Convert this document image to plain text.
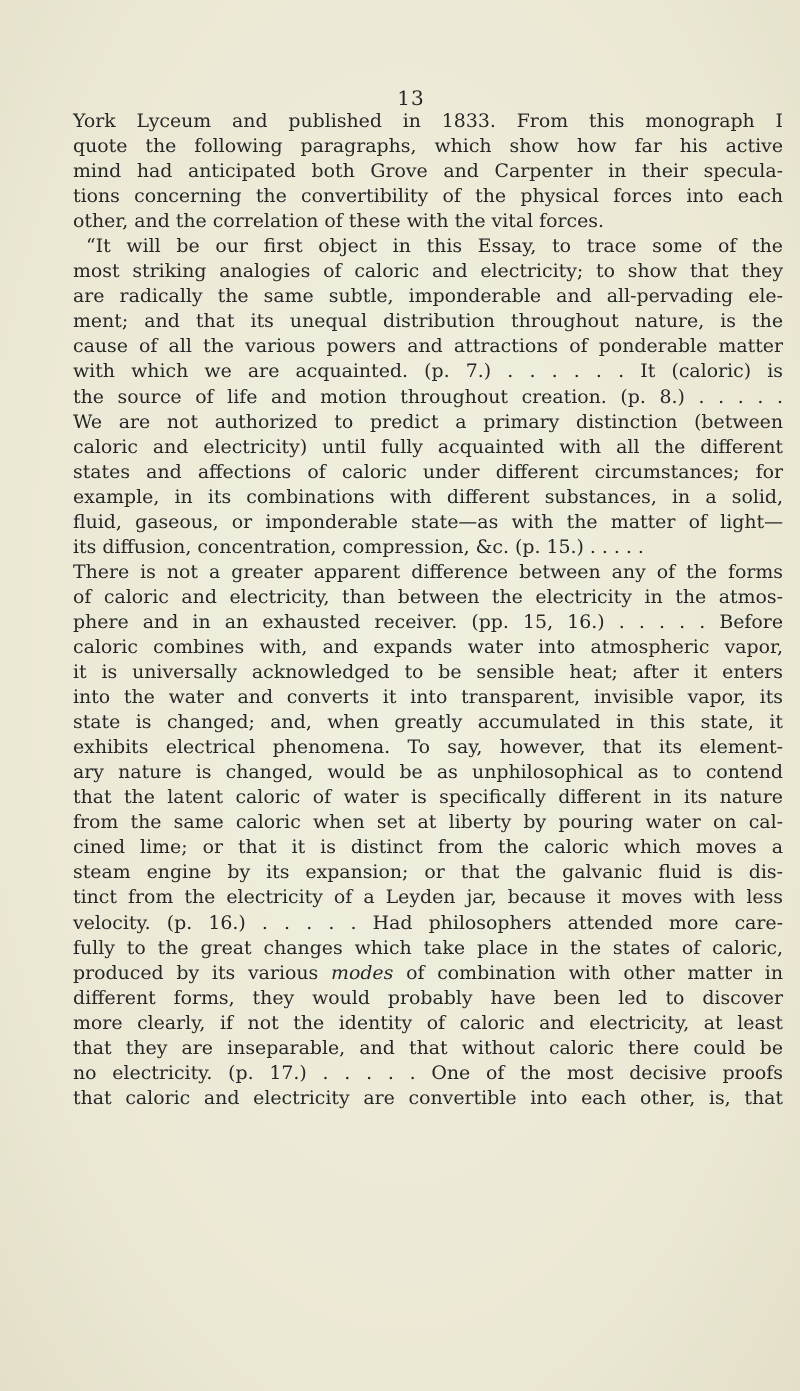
13
York Lyceum and published in 1833. From this monograph I
quote the following paragraphs, which show how far his active
mind had anticipated both Grove and Carpenter in their specula-
tions concerning the convertibility of the physical forces into each
other, and the correlation of these with the vital forces.
“It will be our first object in this Essay, to trace some of the
most striking analogies of caloric and electricity; to show that they
are radically the same subtle, imponderable and all-pervading ele-
ment; and that its unequal distribution throughout nature, is the
cause of all the various powers and attractions of ponderable matter
with which we are acquainted. (p. 7.) . . . . . . It (caloric) is
the source of life and motion throughout creation. (p. 8.) . . . . .
We are not authorized to predict a primary distinction (between
caloric and electricity) until fully acquainted with all the different
states and affections of caloric under different circumstances; for
example, in its combinations with different substances, in a solid,
fluid, gaseous, or imponderable state—as with the matter of light—
its diffusion, concentration, compression, &c. (p. 15.) . . . . .
There is not a greater apparent difference between any of the forms
of caloric and electricity, than between the electricity in the atmos-
phere and in an exhausted receiver. (pp. 15, 16.) . . . . . Before
caloric combines with, and expands water into atmospheric vapor,
it is universally acknowledged to be sensible heat; after it enters
into the water and converts it into transparent, invisible vapor, its
state is changed; and, when greatly accumulated in this state, it
exhibits electrical phenomena. To say, however, that its element-
ary nature is changed, would be as unphilosophical as to contend
that the latent caloric of water is specifically different in its nature
from the same caloric when set at liberty by pouring water on cal-
cined lime; or that it is distinct from the caloric which moves a
steam engine by its expansion; or that the galvanic fluid is dis-
tinct from the electricity of a Leyden jar, because it moves with less
velocity. (p. 16.) . . . . . Had philosophers attended more care-
fully to the great changes which take place in the states of caloric,
produced by its various modes of combination with other matter in
different forms, they would probably have been led to discover
more clearly, if not the identity of caloric and electricity, at least
that they are inseparable, and that without caloric there could be
no electricity. (p. 17.) . . . . . One of the most decisive proofs
that caloric and electricity are convertible into each other, is, that
